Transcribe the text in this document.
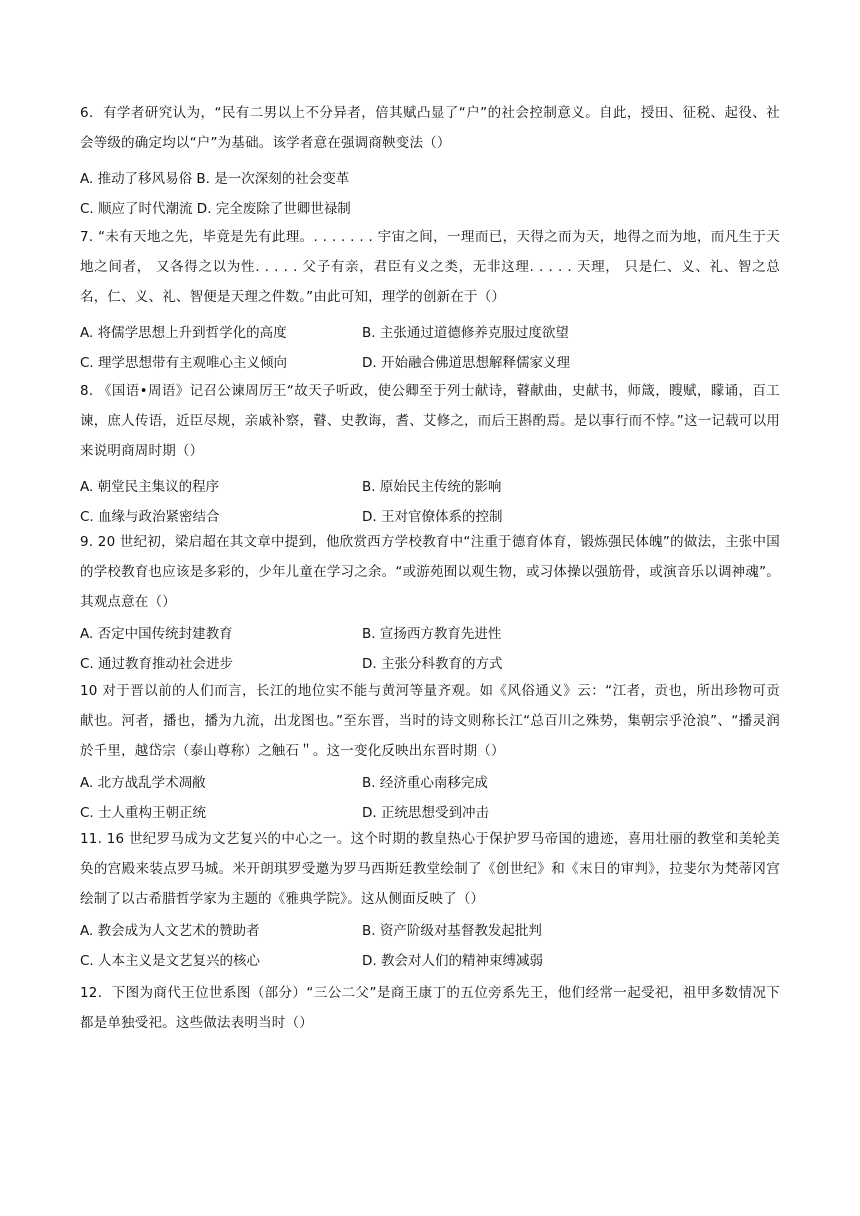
6．有学者研究认为，“民有二男以上不分异者，倍其赋凸显了“户”的社会控制意义。自此，授田、征税、起役、社会等级的确定均以“户”为基础。该学者意在强调商鞅变法（）
A. 推动了移风易俗 B. 是一次深刻的社会变革
C. 顺应了时代潮流 D. 完全废除了世卿世禄制
7. “未有天地之先，毕竟是先有此理。. . . . . . . 宇宙之间，一理而已，天得之而为天，地得之而为地，而凡生于天地之间者， 又各得之以为性. . . . . 父子有亲，君臣有义之类，无非这理. . . . . 天理， 只是仁、义、礼、智之总名，仁、义、礼、智便是天理之件数。”由此可知，理学的创新在于（）
A. 将儒学思想上升到哲学化的高度	B. 主张通过道德修养克服过度欲望
C. 理学思想带有主观唯心主义倾向	D. 开始融合佛道思想解释儒家义理
8. 《国语•周语》记召公谏周厉王“故天子听政，使公卿至于列士献诗，瞽献曲，史献书，师箴，瞍赋，矇诵，百工谏，庶人传语，近臣尽规，亲戚补察，瞽、史教诲，耆、艾修之，而后王斟酌焉。是以事行而不悖。”这一记载可以用来说明商周时期（）
A. 朝堂民主集议的程序	B. 原始民主传统的影响
C. 血缘与政治紧密结合	D. 王对官僚体系的控制
9. 20 世纪初，梁启超在其文章中提到，他欣赏西方学校教育中“注重于德育体育，锻炼强民体魄”的做法，主张中国的学校教育也应该是多彩的，少年儿童在学习之余。“或游苑囿以观生物，或习体操以强筋骨，或演音乐以调神魂”。其观点意在（）
A. 否定中国传统封建教育	B. 宣扬西方教育先进性
C. 通过教育推动社会进步	D. 主张分科教育的方式
10 对于晋以前的人们而言，长江的地位实不能与黄河等量齐观。如《风俗通义》云：“江者，贡也，所出珍物可贡献也。河者，播也，播为九流，出龙图也。”至东晋，当时的诗文则称长江“总百川之殊势，集朝宗乎沧浪”、“播灵润於千里，越岱宗（泰山尊称）之触石＂。这一变化反映出东晋时期（）
A. 北方战乱学术凋敝	B. 经济重心南移完成
C. 士人重构王朝正统	D. 正统思想受到冲击
11. 16 世纪罗马成为文艺复兴的中心之一。这个时期的教皇热心于保护罗马帝国的遗迹，喜用壮丽的教堂和美轮美奂的宫殿来装点罗马城。米开朗琪罗受邀为罗马西斯廷教堂绘制了《创世纪》和《末日的审判》，拉斐尔为梵蒂冈宫绘制了以古希腊哲学家为主题的《雅典学院》。这从侧面反映了（）
A. 教会成为人文艺术的赞助者	B. 资产阶级对基督教发起批判
C. 人本主义是文艺复兴的核心	D. 教会对人们的精神束缚减弱
12．下图为商代王位世系图（部分）“三公二父”是商王康丁的五位旁系先王，他们经常一起受祀，祖甲多数情况下都是单独受祀。这些做法表明当时（）
